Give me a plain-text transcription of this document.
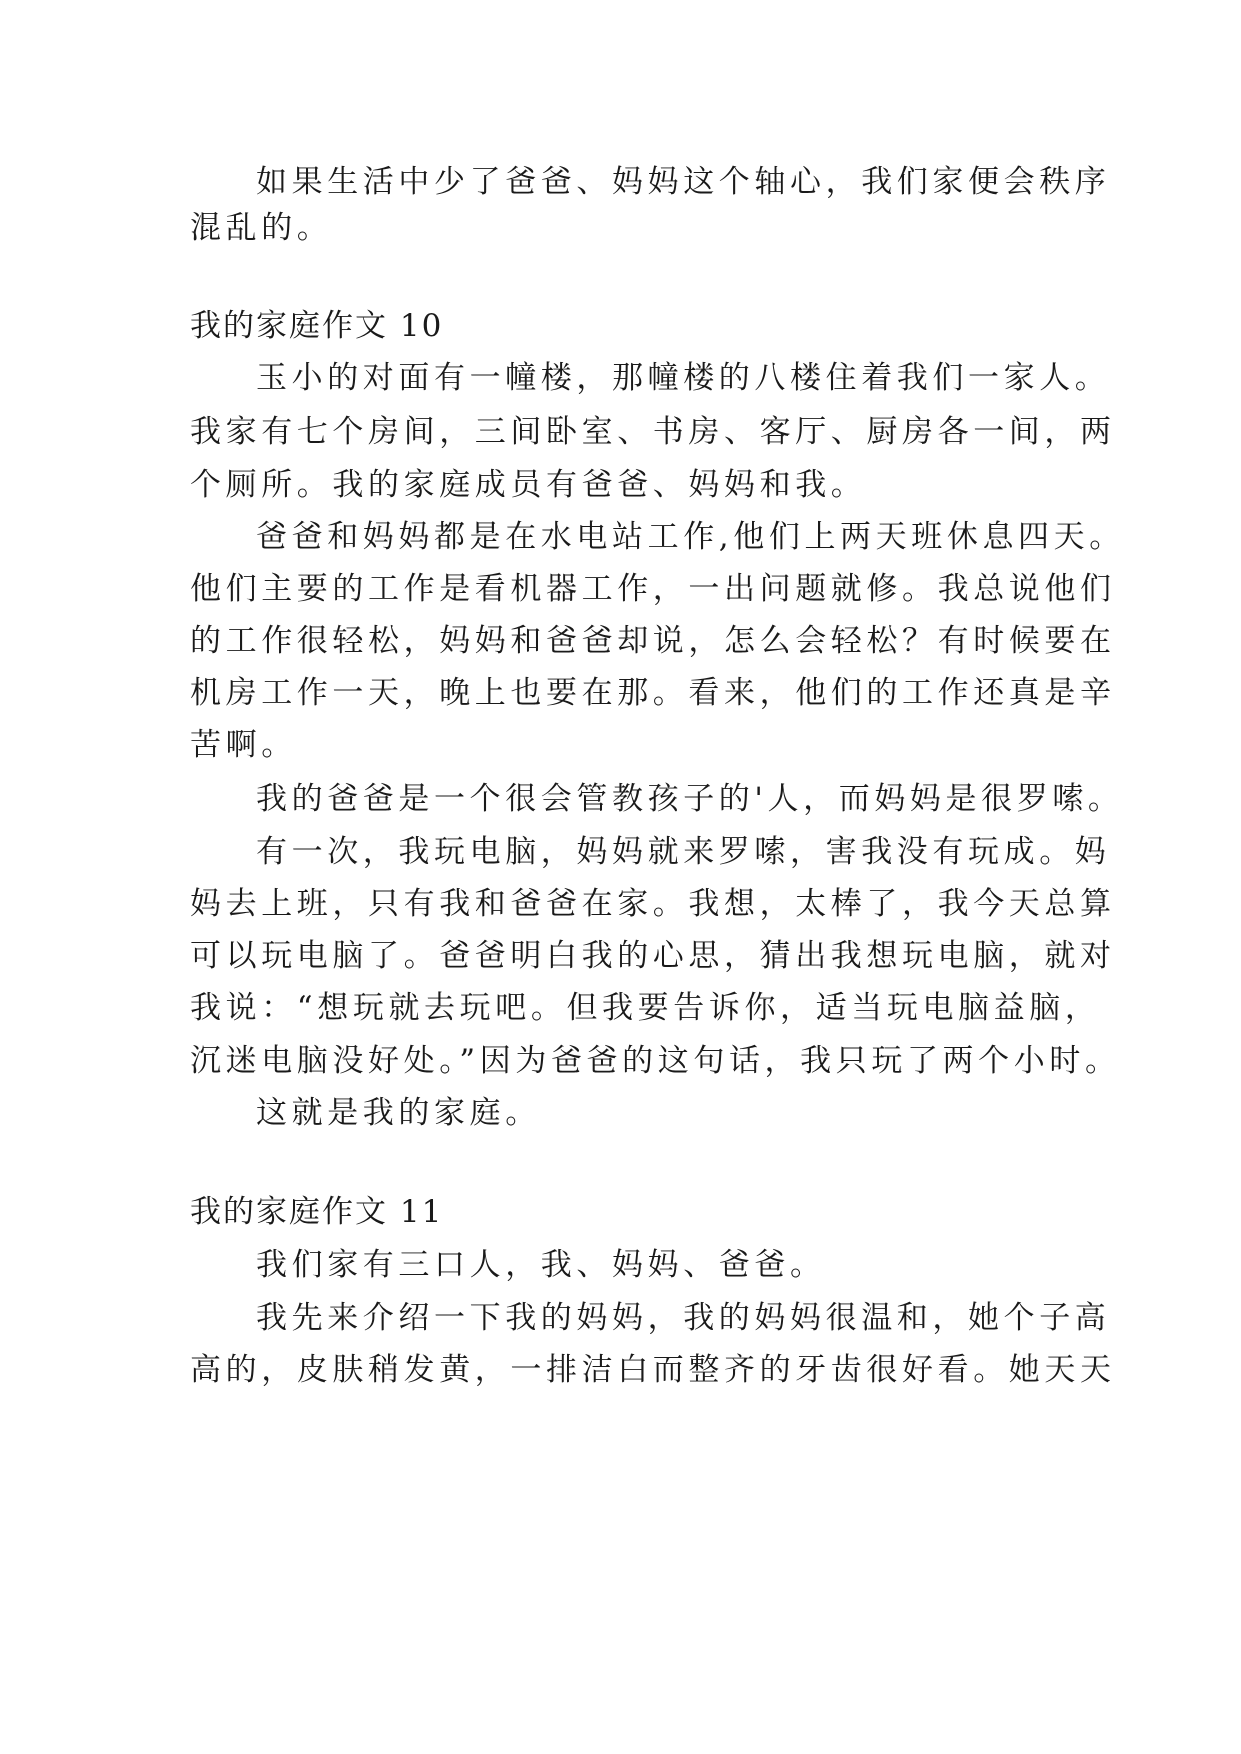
如果生活中少了爸爸、妈妈这个轴心，我们家便会秩序
混乱的。
我的家庭作文 10
玉小的对面有一幢楼，那幢楼的八楼住着我们一家人。
我家有七个房间，三间卧室、书房、客厅、厨房各一间，两
个厕所。我的家庭成员有爸爸、妈妈和我。
爸爸和妈妈都是在水电站工作,他们上两天班休息四天。
他们主要的工作是看机器工作，一出问题就修。我总说他们
的工作很轻松，妈妈和爸爸却说，怎么会轻松？有时候要在
机房工作一天，晚上也要在那。看来，他们的工作还真是辛
苦啊。
我的爸爸是一个很会管教孩子的'人，而妈妈是很罗嗦。
有一次，我玩电脑，妈妈就来罗嗦，害我没有玩成。妈
妈去上班，只有我和爸爸在家。我想，太棒了，我今天总算
可以玩电脑了。爸爸明白我的心思，猜出我想玩电脑，就对
我说：“想玩就去玩吧。但我要告诉你，适当玩电脑益脑，
沉迷电脑没好处。”因为爸爸的这句话，我只玩了两个小时。
这就是我的家庭。
我的家庭作文 11
我们家有三口人，我、妈妈、爸爸。
我先来介绍一下我的妈妈，我的妈妈很温和，她个子高
高的，皮肤稍发黄，一排洁白而整齐的牙齿很好看。她天天
